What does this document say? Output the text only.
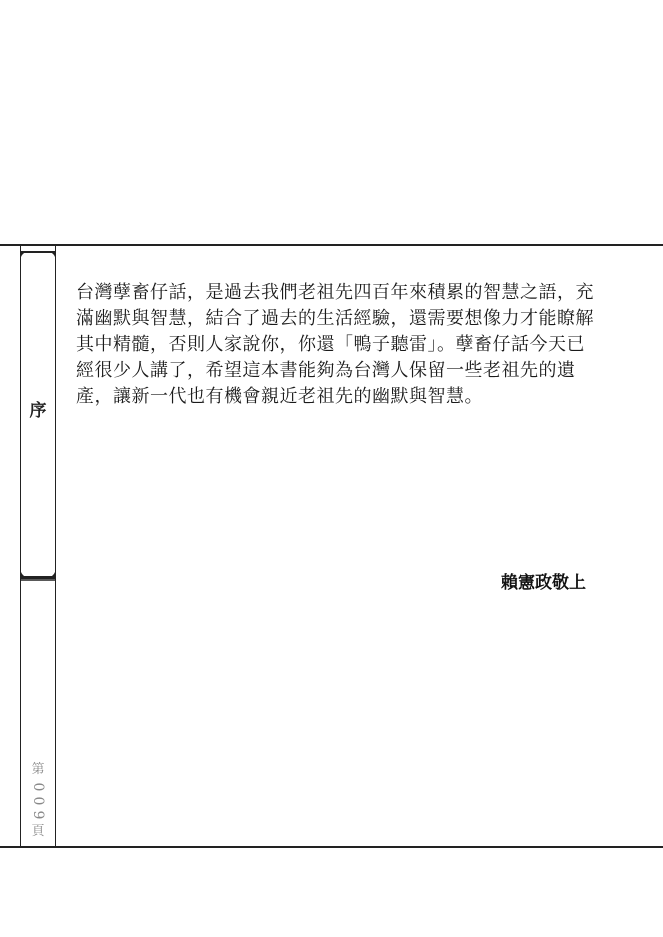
序

台灣孽畜仔話，是過去我們老祖先四百年來積累的智慧之語，充滿幽默與智慧，結合了過去的生活經驗，還需要想像力才能瞭解其中精髓，否則人家說你，你還「鴨子聽雷」。孽畜仔話今天已經很少人講了，希望這本書能夠為台灣人保留一些老祖先的遺產，讓新一代也有機會親近老祖先的幽默與智慧。

賴憲政敬上
第
0
0
9
頁
